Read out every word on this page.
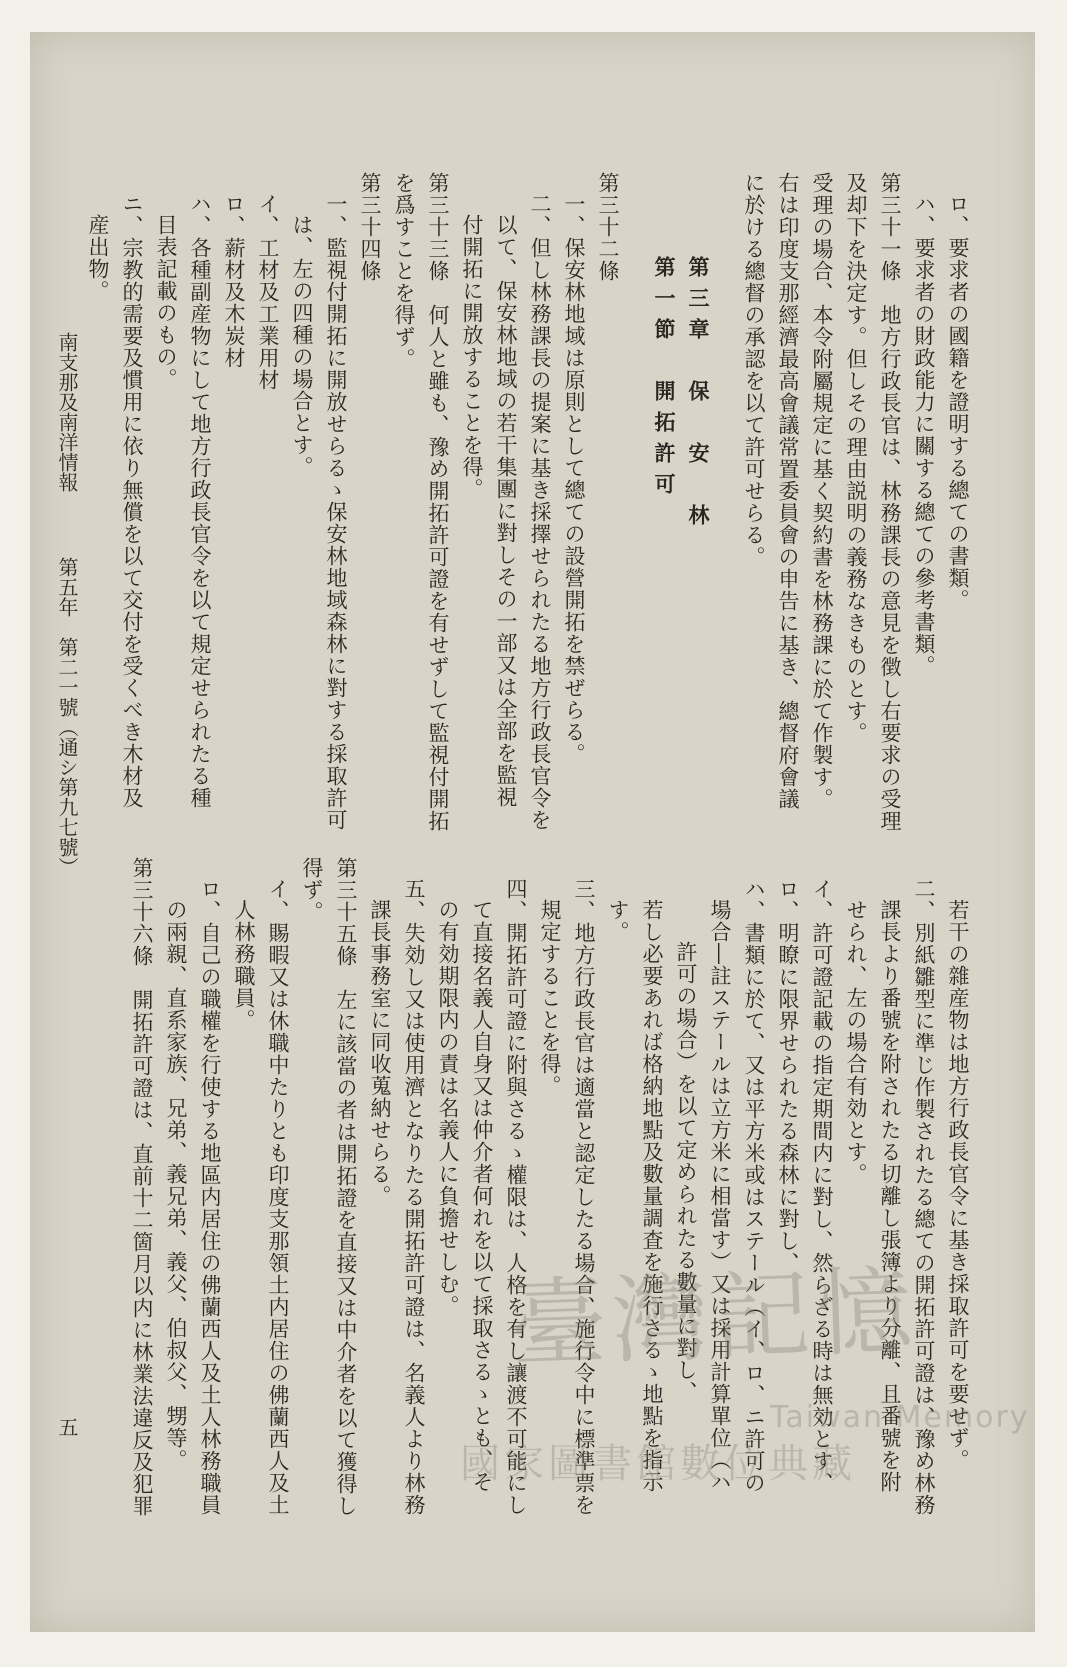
ロ、要求者の國籍を證明する總ての書類。
ハ、要求者の財政能力に關する總ての參考書類。
第三十一條　地方行政長官は、林務課長の意見を徴し右要求の受理
及却下を決定す。但しその理由説明の義務なきものとす。
受理の場合、本令附屬規定に基く契約書を林務課に於て作製す。
右は印度支那經濟最高會議常置委員會の申告に基き、總督府會議
に於ける總督の承認を以て許可せらる。
第三章　保　安　林
第一節　開拓許可
第三十二條
一、保安林地域は原則として總ての設營開拓を禁ぜらる。
二、但し林務課長の提案に基き採擇せられたる地方行政長官令を
以て、保安林地域の若干集團に對しその一部又は全部を監視
付開拓に開放することを得。
第三十三條　何人と雖も、豫め開拓許可證を有せずして監視付開拓
を爲すことを得ず。
第三十四條
一、監視付開拓に開放せらるゝ保安林地域森林に對する採取許可
は、左の四種の場合とす。
イ、工材及工業用材
ロ、薪材及木炭材
ハ、各種副産物にして地方行政長官令を以て規定せられたる種
目表記載のもの。
ニ、宗教的需要及慣用に依り無償を以て交付を受くべき木材及
産出物。
若干の雜産物は地方行政長官令に基き採取許可を要せず。
二、別紙雛型に準じ作製されたる總ての開拓許可證は、豫め林務
課長より番號を附されたる切離し張簿より分離、且番號を附
せられ、左の場合有効とす。
イ、許可證記載の指定期間内に對し、然らざる時は無効とす、
ロ、明瞭に限界せられたる森林に對し、
ハ、書類に於て、又は平方米或はステール（イ、ロ、ニ許可の
場合―註ステールは立方米に相當す）又は採用計算單位（ハ
許可の場合）を以て定められたる數量に對し、
若し必要あれば格納地點及數量調査を施行さるゝ地點を指示
す。
三、地方行政長官は適當と認定したる場合、施行令中に標準票を
規定することを得。
四、開拓許可證に附與さるゝ權限は、人格を有し讓渡不可能にし
て直接名義人自身又は仲介者何れを以て採取さるゝとも、そ
の有効期限内の責は名義人に負擔せしむ。
五、失効し又は使用濟となりたる開拓許可證は、名義人より林務
課長事務室に同收蒐納せらる。
第三十五條　左に該當の者は開拓證を直接又は中介者を以て獲得し
得ず。
イ、賜暇又は休職中たりとも印度支那領土内居住の佛蘭西人及土
人林務職員。
ロ、自己の職權を行使する地區内居住の佛蘭西人及土人林務職員
の兩親、直系家族、兄弟、義兄弟、義父、伯叔父、甥等。
第三十六條　開拓許可證は、直前十二箇月以内に林業法違反及犯罪
南支那及南洋情報
第五年　第二一號（通シ第九七號）
五
臺灣記憶
Taiwan Memory
國家圖書館數位典藏
